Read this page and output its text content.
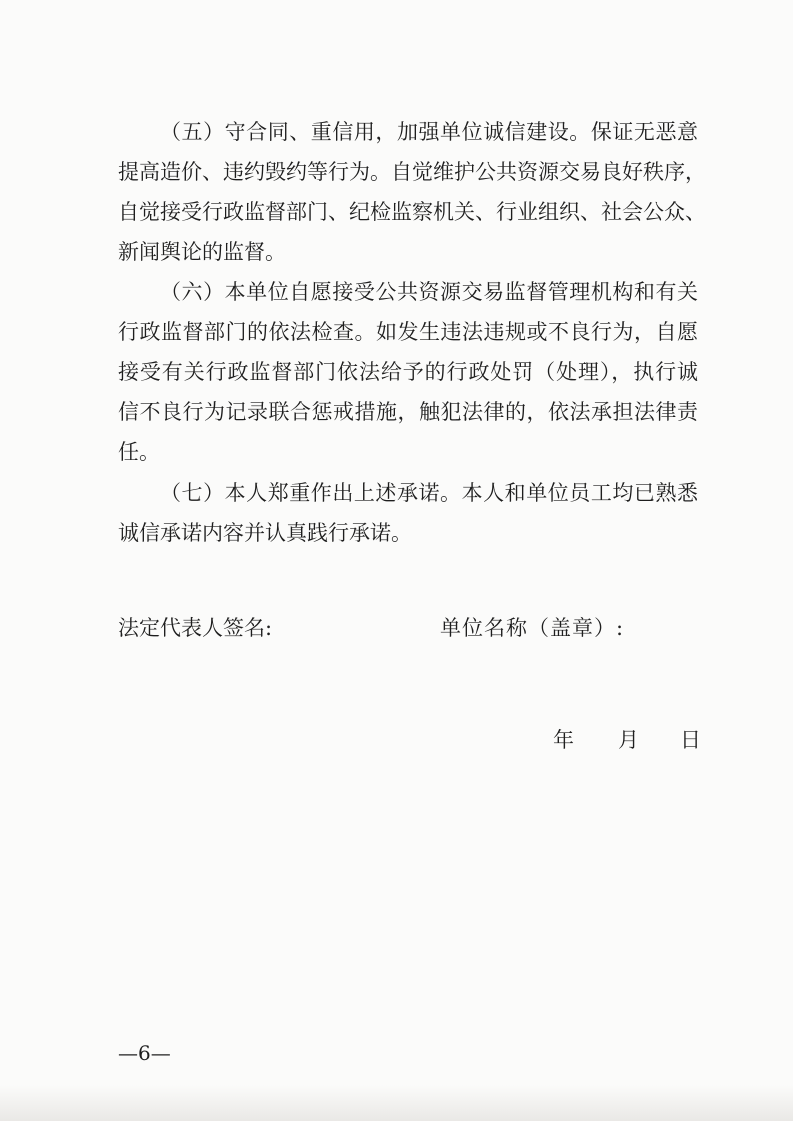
（五）守合同、重信用，加强单位诚信建设。保证无恶意
提高造价、违约毁约等行为。自觉维护公共资源交易良好秩序，
自觉接受行政监督部门、纪检监察机关、行业组织、社会公众、
新闻舆论的监督。
（六）本单位自愿接受公共资源交易监督管理机构和有关
行政监督部门的依法检查。如发生违法违规或不良行为，自愿
接受有关行政监督部门依法给予的行政处罚（处理），执行诚
信不良行为记录联合惩戒措施，触犯法律的，依法承担法律责
任。
（七）本人郑重作出上述承诺。本人和单位员工均已熟悉
诚信承诺内容并认真践行承诺。
法定代表人签名:	单位名称（盖章）:
年 月 日
—6—
